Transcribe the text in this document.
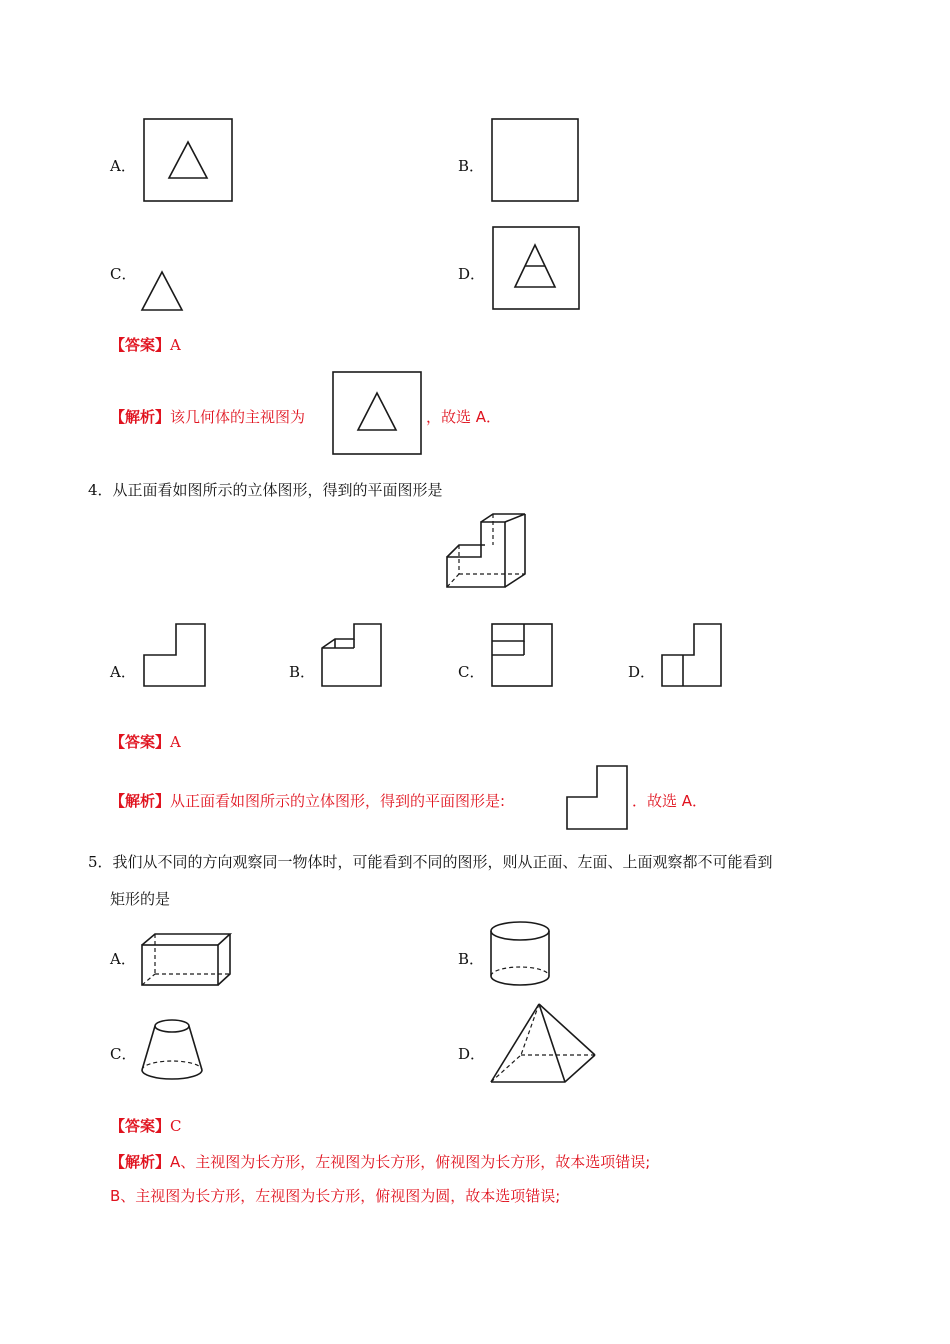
A．	B．
C．	D．
【答案】A
【解析】该几何体的主视图为	，故选 A．
4．从正面看如图所示的立体图形，得到的平面图形是
A．	B．	C．	D．
【答案】A
【解析】从正面看如图所示的立体图形，得到的平面图形是:	．故选 A．
5．我们从不同的方向观察同一物体时，可能看到不同的图形，则从正面、左面、上面观察都不可能看到
矩形的是
A．	B．
C．	D．
【答案】C
【解析】A、主视图为长方形，左视图为长方形，俯视图为长方形，故本选项错误;
B、主视图为长方形，左视图为长方形，俯视图为圆，故本选项错误;
